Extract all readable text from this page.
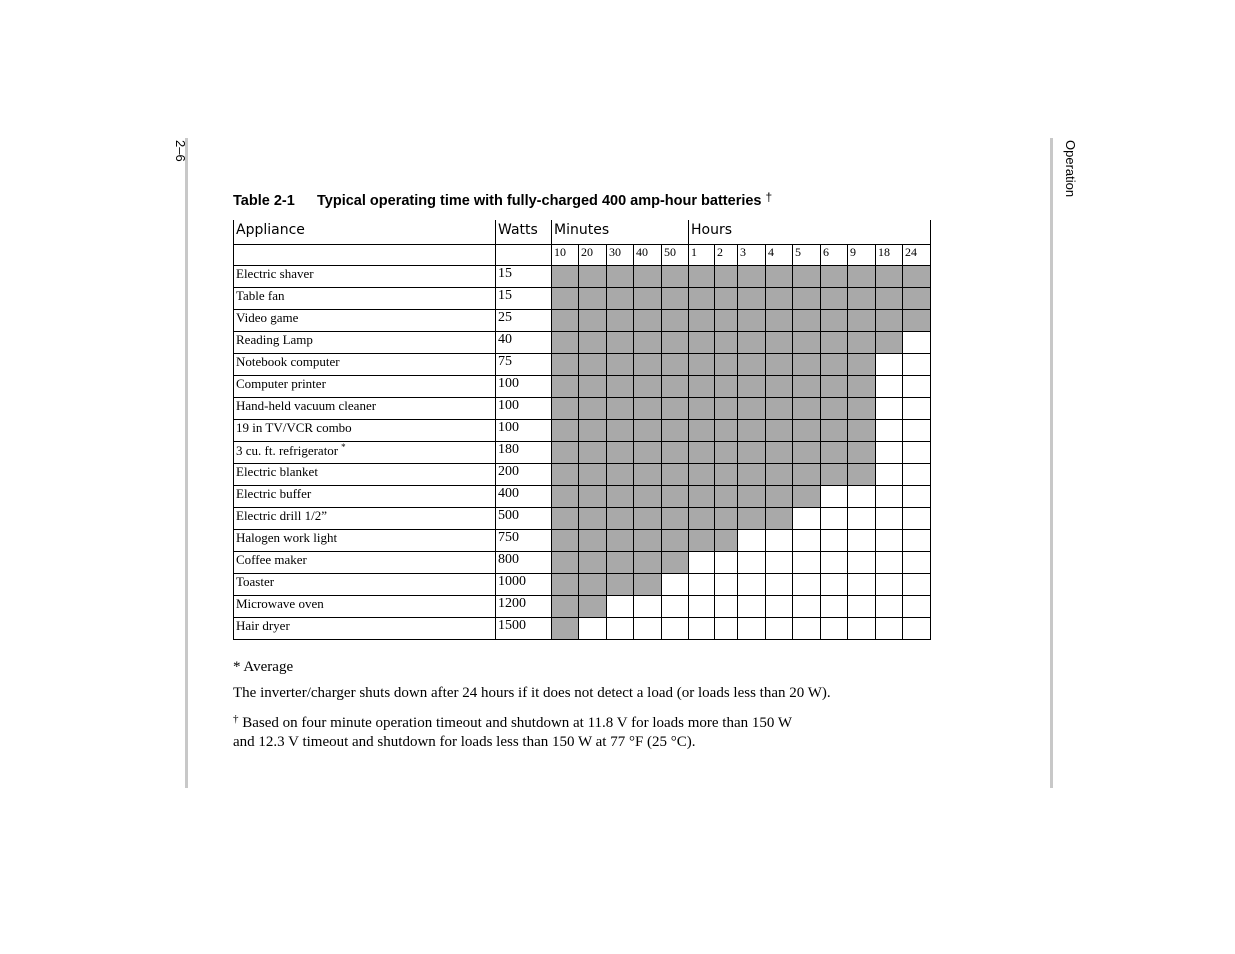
2–6	Operation
Table 2-1 Typical operating time with fully-charged 400 amp-hour batteries †
Appliance	Watts	Minutes					Hours								
		10	20	30	40	50	1	2	3	4	5	6	9	18	24
Electric shaver	15														
Table fan	15														
Video game	25														
Reading Lamp	40														
Notebook computer	75														
Computer printer	100														
Hand-held vacuum cleaner	100														
19 in TV/VCR combo	100														
3 cu. ft. refrigerator *	180														
Electric blanket	200														
Electric buffer	400														
Electric drill 1/2”	500														
Halogen work light	750														
Coffee maker	800														
Toaster	1000														
Microwave oven	1200														
Hair dryer	1500														

* Average

The inverter/charger shuts down after 24 hours if it does not detect a load (or loads less than 20 W).

† Based on four minute operation timeout and shutdown at 11.8 V for loads more than 150 W
and 12.3 V timeout and shutdown for loads less than 150 W at 77 °F (25 °C).
